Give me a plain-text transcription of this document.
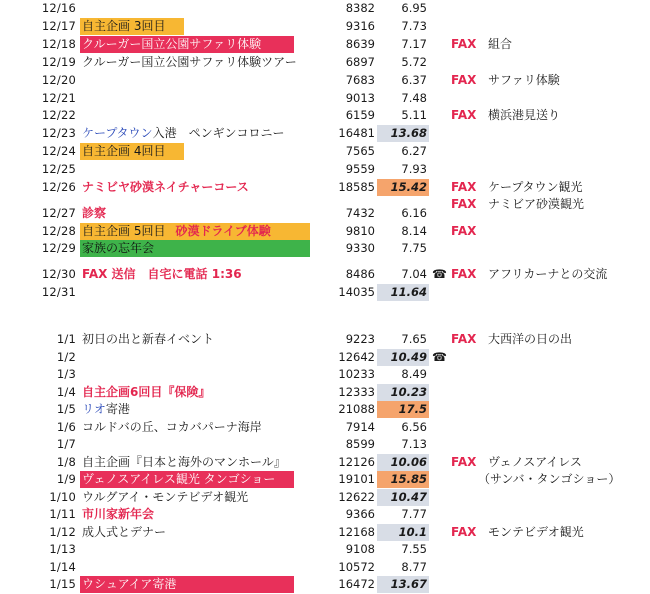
12/16	8382	6.95
12/17 自主企画 3回目	9316	7.73
12/18 クルーガー国立公園サファリ体験	8639	7.17 FAX 組合
12/19 クルーガー国立公園サファリ体験ツアー	6897	5.72
12/20	7683	6.37 FAX サファリ体験
12/21	9013	7.48
12/22	6159	5.11 FAX 横浜港見送り
12/23 ケープタウン入港　ペンギンコロニー	16481	13.68
12/24 自主企画 4回目	7565	6.27
12/25	9559	7.93
12/26 ナミビヤ砂漠ネイチャーコース	18585	15.42 FAX ケープタウン観光
FAX ナミビア砂漠観光
12/27 診察	7432	6.16
12/28 自主企画 5回目 砂漠ドライブ体験	9810	8.14 FAX
12/29 家族の忘年会	9330	7.75
12/30 FAX 送信　自宅に電話 1:36	8486	7.04 ☎ FAX アフリカーナとの交流
12/31	14035	11.64
1/1 初日の出と新春イベント	9223	7.65 FAX 大西洋の日の出
1/2	12642	10.49 ☎
1/3	10233	8.49
1/4 自主企画6回目『保険』	12333	10.23
1/5 リオ寄港	21088	17.5
1/6 コルドバの丘、コカバパーナ海岸	7914	6.56
1/7	8599	7.13
1/8 自主企画『日本と海外のマンホール』	12126	10.06 FAX ヴェノスアイレス
1/9 ヴェノスアイレス観光 タンゴショー	19101	15.85	（サンバ・タンゴショー）
1/10 ウルグアイ・モンテビデオ観光	12622	10.47
1/11 市川家新年会	9366	7.77
1/12 成人式とデナー	12168	10.1 FAX モンテビデオ観光
1/13	9108	7.55
1/14	10572	8.77
1/15 ウシュアイア寄港	16472	13.67
